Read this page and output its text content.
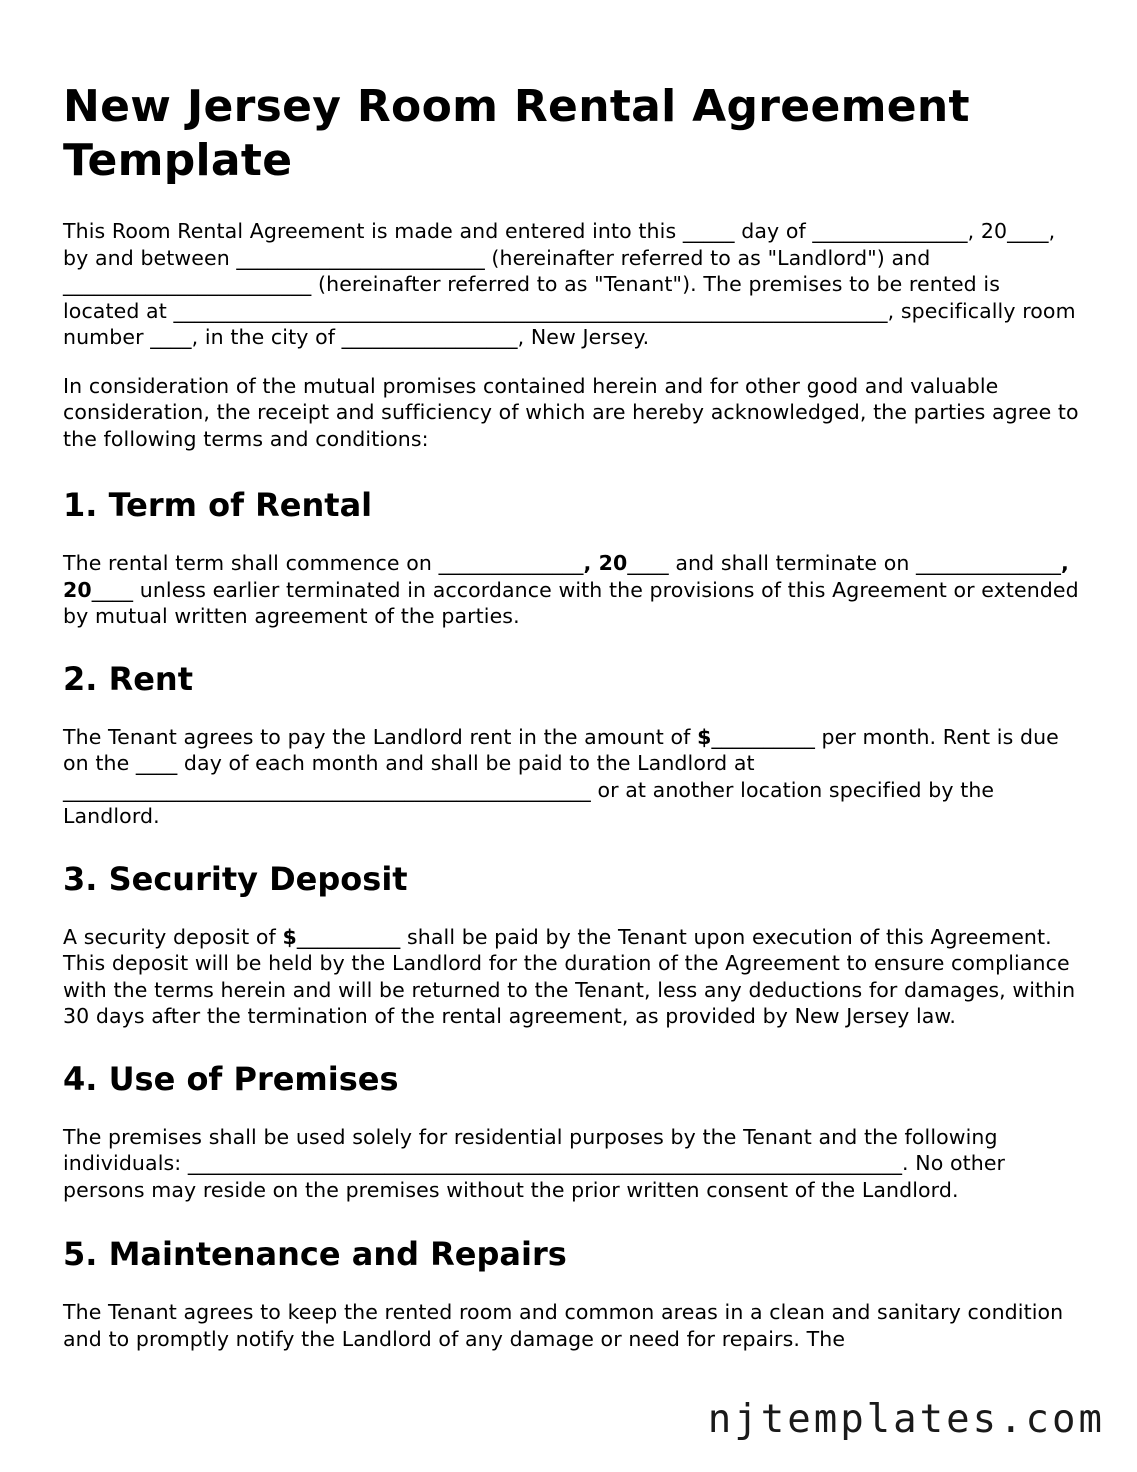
New Jersey Room Rental Agreement Template

This Room Rental Agreement is made and entered into this _____ day of _______________, 20____, by and between ________________________ (hereinafter referred to as "Landlord") and ________________________ (hereinafter referred to as "Tenant"). The premises to be rented is located at _____________________________________________________________________, specifically room number ____, in the city of _________________, New Jersey.

In consideration of the mutual promises contained herein and for other good and valuable consideration, the receipt and sufficiency of which are hereby acknowledged, the parties agree to the following terms and conditions:

1. Term of Rental

The rental term shall commence on ______________, 20____ and shall terminate on ______________, 20____ unless earlier terminated in accordance with the provisions of this Agreement or extended by mutual written agreement of the parties.

2. Rent

The Tenant agrees to pay the Landlord rent in the amount of $__________ per month. Rent is due on the ____ day of each month and shall be paid to the Landlord at ___________________________________________________ or at another location specified by the Landlord.

3. Security Deposit

A security deposit of $__________ shall be paid by the Tenant upon execution of this Agreement. This deposit will be held by the Landlord for the duration of the Agreement to ensure compliance with the terms herein and will be returned to the Tenant, less any deductions for damages, within 30 days after the termination of the rental agreement, as provided by New Jersey law.

4. Use of Premises

The premises shall be used solely for residential purposes by the Tenant and the following individuals: _____________________________________________________________________. No other persons may reside on the premises without the prior written consent of the Landlord.

5. Maintenance and Repairs

The Tenant agrees to keep the rented room and common areas in a clean and sanitary condition and to promptly notify the Landlord of any damage or need for repairs. The

njtemplates.com
